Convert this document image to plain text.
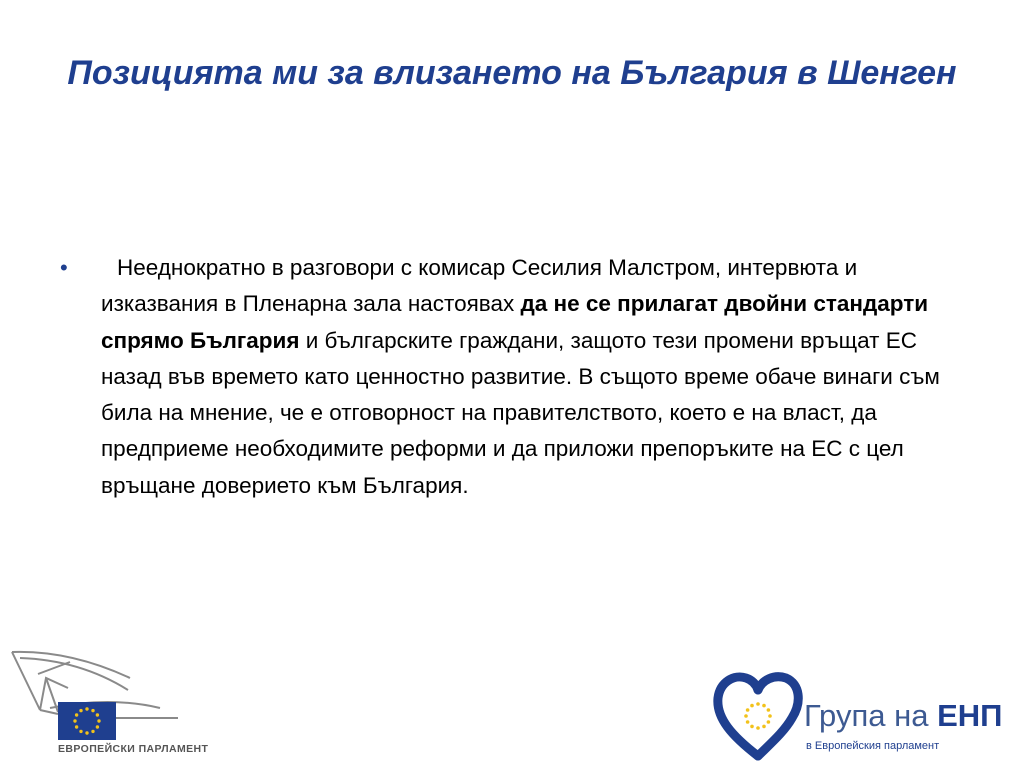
Позицията ми за влизането на България в Шенген
• Нееднократно в разговори с комисар Сесилия Малстром, интервюта и изказвания в Пленарна зала настоявах да не се прилагат двойни стандарти спрямо България и българските граждани, защото тези промени връщат ЕС назад във времето като ценностно развитие. В същото време обаче винаги съм била на мнение, че е отговорност на правителството, което е на власт, да предприеме необходимите реформи и да приложи препоръките на ЕС с цел връщане доверието към България.
ЕВРОПЕЙСКИ ПАРЛАМЕНТ
Група на ЕНП
в Европейския парламент
